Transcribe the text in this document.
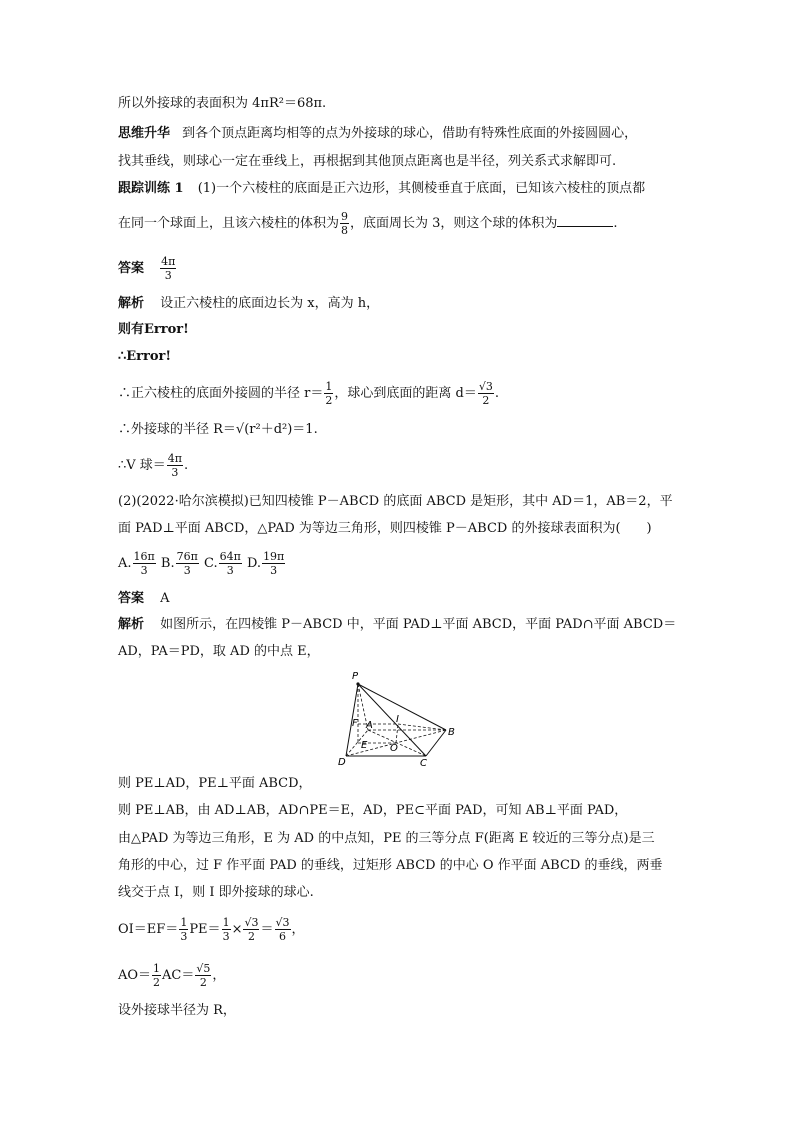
所以外接球的表面积为 4πR²＝68π.
思维升华 到各个顶点距离均相等的点为外接球的球心，借助有特殊性底面的外接圆圆心，
找其垂线，则球心一定在垂线上，再根据到其他顶点距离也是半径，列关系式求解即可.
跟踪训练 1 (1)一个六棱柱的底面是正六边形，其侧棱垂直于底面，已知该六棱柱的顶点都
在同一个球面上，且该六棱柱的体积为 $\frac{9}{8}$ ，底面周长为 3，则这个球的体积为	.
答案 $\frac{4\pi}{3}$
解析 设正六棱柱的底面边长为 x，高为 h，
则有Error!
∴Error!
∴正六棱柱的底面外接圆的半径 $r= \frac{1}{2}$ ，球心到底面的距离 $d= \frac{√3}{2}$ .
∴外接球的半径 R＝√(r²＋d²)＝1.
∴V 球＝ $\frac{4\pi}{3}$ .
(2)(2022·哈尔滨模拟)已知四棱锥 P－ABCD 的底面 ABCD 是矩形，其中 AD＝1，AB＝2，平
面 PAD⊥平面 ABCD，△PAD 为等边三角形，则四棱锥 P－ABCD 的外接球表面积为(　　)
A. $\frac{16\pi}{3} B$. $\frac{76\pi}{3} C$. $\frac{64\pi}{3} D$. $\frac{19\pi}{3}$
答案 A
解析 如图所示，在四棱锥 P－ABCD 中，平面 PAD⊥平面 ABCD，平面 PAD∩平面 ABCD＝
AD，PA＝PD，取 AD 的中点 E，
P
F A
I
B
E O
D	C
则 PE⊥AD，PE⊥平面 ABCD，
则 PE⊥AB，由 AD⊥AB，AD∩PE＝E，AD，PE⊂平面 PAD，可知 AB⊥平面 PAD，
由△PAD 为等边三角形，E 为 AD 的中点知，PE 的三等分点 F(距离 E 较近的三等分点)是三
角形的中心，过 F 作平面 PAD 的垂线，过矩形 ABCD 的中心 O 作平面 ABCD 的垂线，两垂
线交于点 I，则 I 即外接球的球心.
$OI=EF= \frac{1}{3} PE= \frac{1}{3} \times \frac{√3}{2} = \frac{√3}{6}$ ，
$AO= \frac{1}{2} AC= \frac{√5}{2}$ ，
设外接球半径为 R，
